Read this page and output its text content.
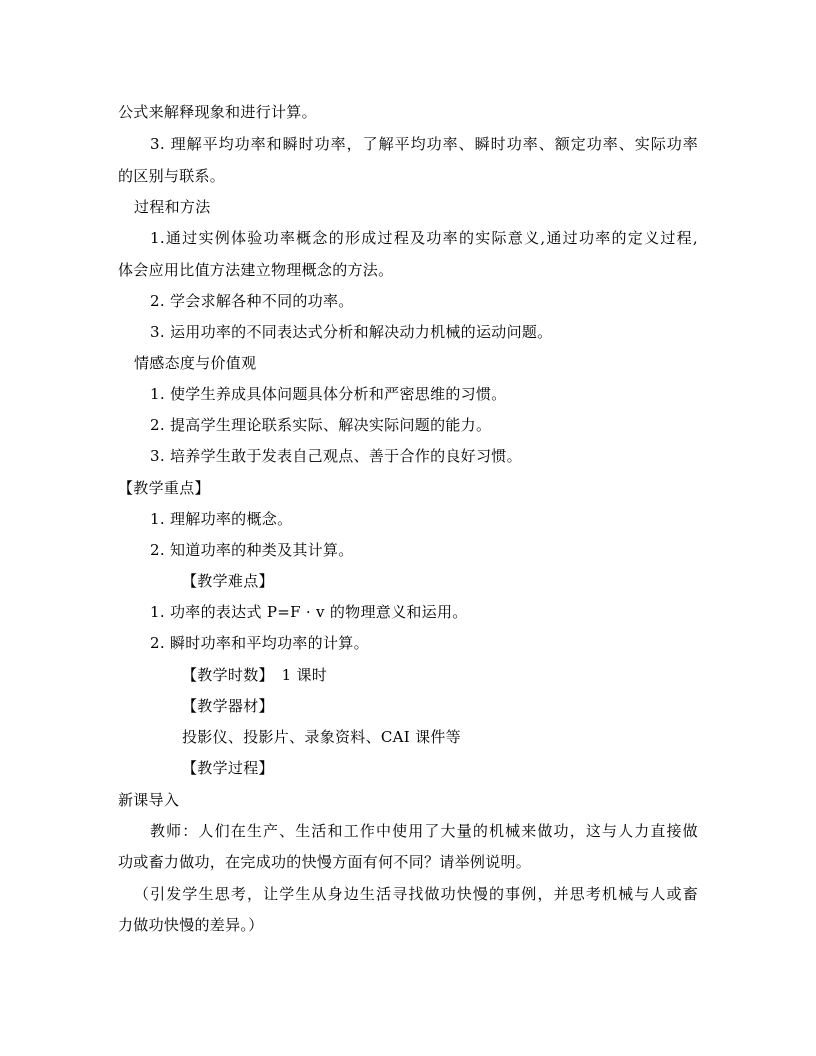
公式来解释现象和进行计算。
3. 理解平均功率和瞬时功率，了解平均功率、瞬时功率、额定功率、实际功率
的区别与联系。
过程和方法
1.通过实例体验功率概念的形成过程及功率的实际意义,通过功率的定义过程,
体会应用比值方法建立物理概念的方法。
2. 学会求解各种不同的功率。
3. 运用功率的不同表达式分析和解决动力机械的运动问题。
情感态度与价值观
1. 使学生养成具体问题具体分析和严密思维的习惯。
2. 提高学生理论联系实际、解决实际问题的能力。
3. 培养学生敢于发表自己观点、善于合作的良好习惯。
【教学重点】
1. 理解功率的概念。
2. 知道功率的种类及其计算。
【教学难点】
1. 功率的表达式 P=F · v 的物理意义和运用。
2. 瞬时功率和平均功率的计算。
【教学时数】　1 课时
【教学器材】
投影仪、投影片、录象资料、CAI 课件等
【教学过程】
新课导入
教师：人们在生产、生活和工作中使用了大量的机械来做功，这与人力直接做
功或畜力做功，在完成功的快慢方面有何不同？请举例说明。
（引发学生思考，让学生从身边生活寻找做功快慢的事例，并思考机械与人或畜
力做功快慢的差异。）
